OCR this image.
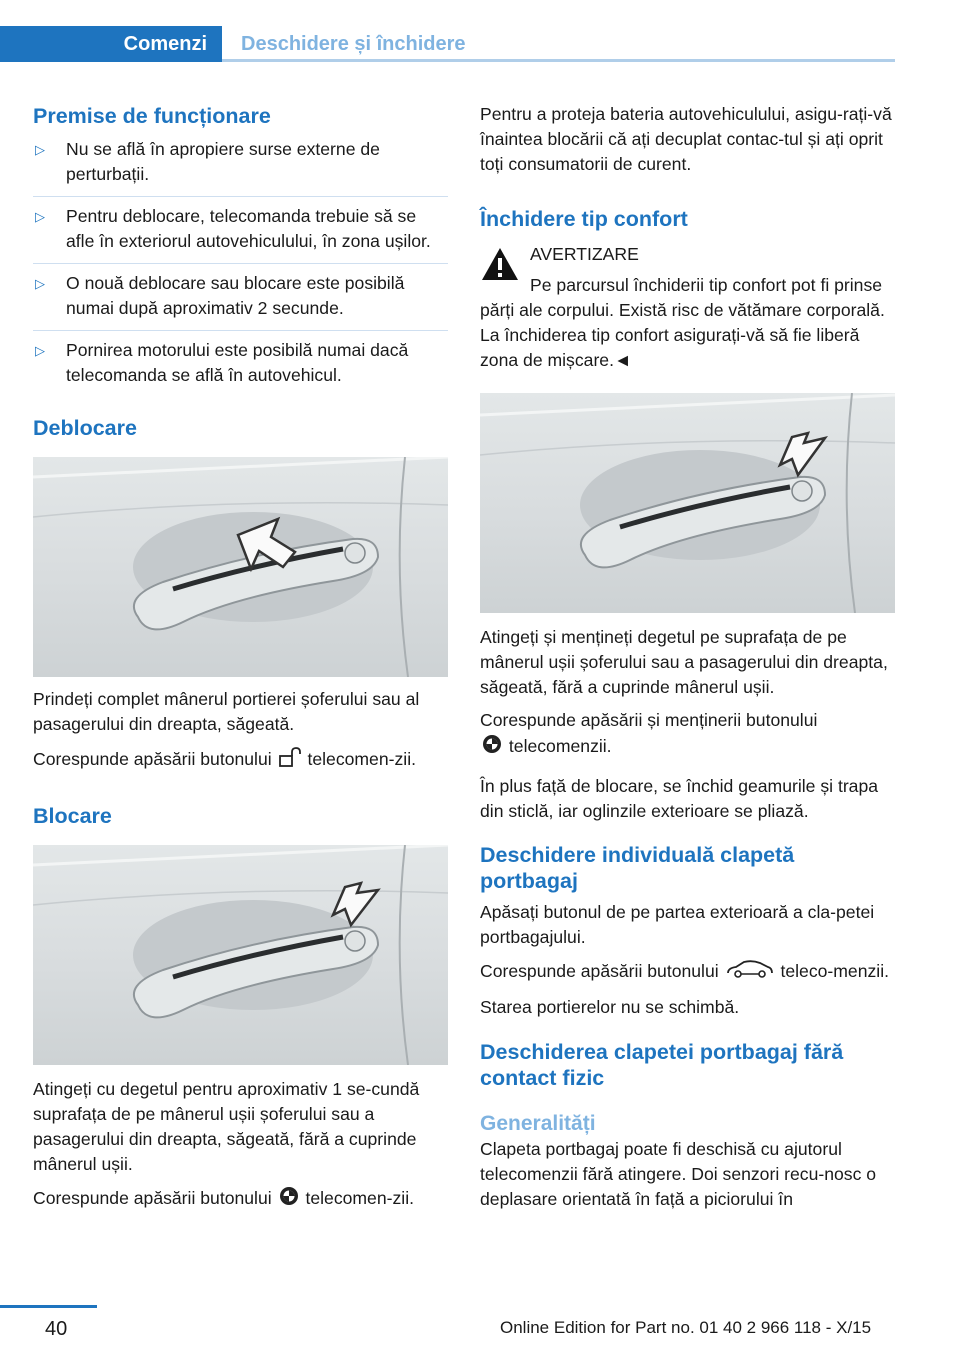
Comenzi	Deschidere și închidere
Premise de funcționare
▷ Nu se află în apropiere surse externe de perturbații.
▷ Pentru deblocare, telecomanda trebuie să se afle în exteriorul autovehiculului, în zona ușilor.
▷ O nouă deblocare sau blocare este posibilă numai după aproximativ 2 secunde.
▷ Pornirea motorului este posibilă numai dacă telecomanda se află în autovehicul.
Deblocare

Prindeți complet mânerul portierei șoferului sau al pasagerului din dreapta, săgeată.

Corespunde apăsării butonului telecomen‐zii.

Blocare

Atingeți cu degetul pentru aproximativ 1 se‐cundă suprafața de pe mânerul ușii șoferului sau a pasagerului din dreapta, săgeată, fără a cuprinde mânerul ușii.

Corespunde apăsării butonului telecomen‐zii.

Pentru a proteja bateria autovehiculului, asigu‐rați-vă înaintea blocării că ați decuplat contac‐tul și ați oprit toți consumatorii de curent.

Închidere tip confort

AVERTIZARE

Pe parcursul închiderii tip confort pot fi prinse părți ale corpului. Există risc de vătămare corporală. La închiderea tip confort asigurați-vă să fie liberă zona de mișcare.◄

Atingeți și mențineți degetul pe suprafața de pe mânerul ușii șoferului sau a pasagerului din dreapta, săgeată, fără a cuprinde mânerul ușii.

Corespunde apăsării și menținerii butonului
telecomenzii.

În plus față de blocare, se închid geamurile și trapa din sticlă, iar oglinzile exterioare se pliază.

Deschidere individuală clapetă portbagaj

Apăsați butonul de pe partea exterioară a cla‐petei portbagajului.

Corespunde apăsării butonului	teleco‐menzii.

Starea portierelor nu se schimbă.

Deschiderea clapetei portbagaj fără contact fizic
Generalități

Clapeta portbagaj poate fi deschisă cu ajutorul telecomenzii fără atingere. Doi senzori recu‐nosc o deplasare orientată în față a piciorului în

40	Online Edition for Part no. 01 40 2 966 118 - X/15
